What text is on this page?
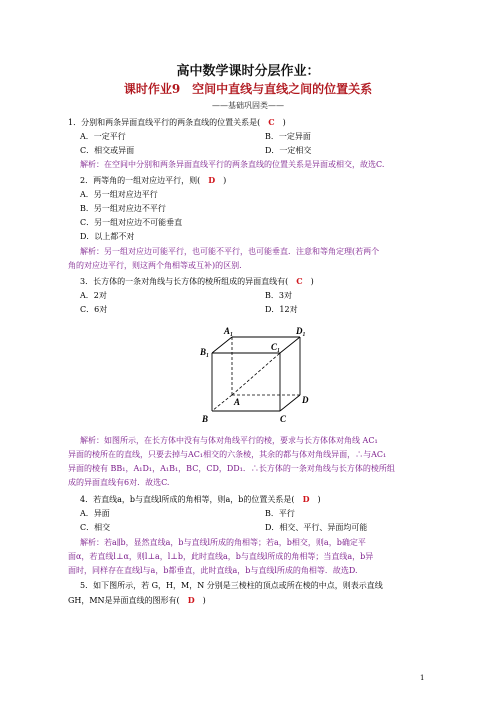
高中数学课时分层作业：
课时作业9　空间中直线与直线之间的位置关系
——基础巩固类——
1．分别和两条异面直线平行的两条直线的位置关系是(　C　)
A．一定平行	B．一定异面
C．相交或异面	D．一定相交
解析：在空间中分别和两条异面直线平行的两条直线的位置关系是异面或相交，故选C.
2．两等角的一组对应边平行，则(　D　)
A．另一组对应边平行
B．另一组对应边不平行
C．另一组对应边不可能垂直
D．以上都不对
解析：另一组对应边可能平行，也可能不平行，也可能垂直．注意和等角定理(若两个
角的对应边平行，则这两个角相等或互补)的区别.
3．长方体的一条对角线与长方体的棱所组成的异面直线有(　C　)
A．2对	B．3对
C．6对	D．12对
A₁	D₁
B₁	C₁
A
B	C
D
解析：如图所示，在长方体中没有与体对角线平行的棱，要求与长方体体对角线 AC₁
异面的棱所在的直线，只要去掉与AC₁相交的六条棱，其余的都与体对角线异面，∴与AC₁
异面的棱有 BB₁，A₁D₁，A₁B₁，BC，CD，DD₁．∴长方体的一条对角线与长方体的棱所组
成的异面直线有6对．故选C.
4．若直线a，b与直线l所成的角相等，则a，b的位置关系是(　D　)
A．异面	B．平行
C．相交	D．相交、平行、异面均可能
解析：若a∥b，显然直线a，b与直线l所成的角相等；若a，b相交，则a，b确定平
面α，若直线l⊥α，则l⊥a，l⊥b，此时直线a，b与直线l所成的角相等；当直线a，b异
面时，同样存在直线l与a，b都垂直，此时直线a，b与直线l所成的角相等．故选D.
5．如下图所示，若 G，H，M，N 分别是三棱柱的顶点或所在棱的中点，则表示直线
GH，MN是异面直线的图形有(　D　)
1
